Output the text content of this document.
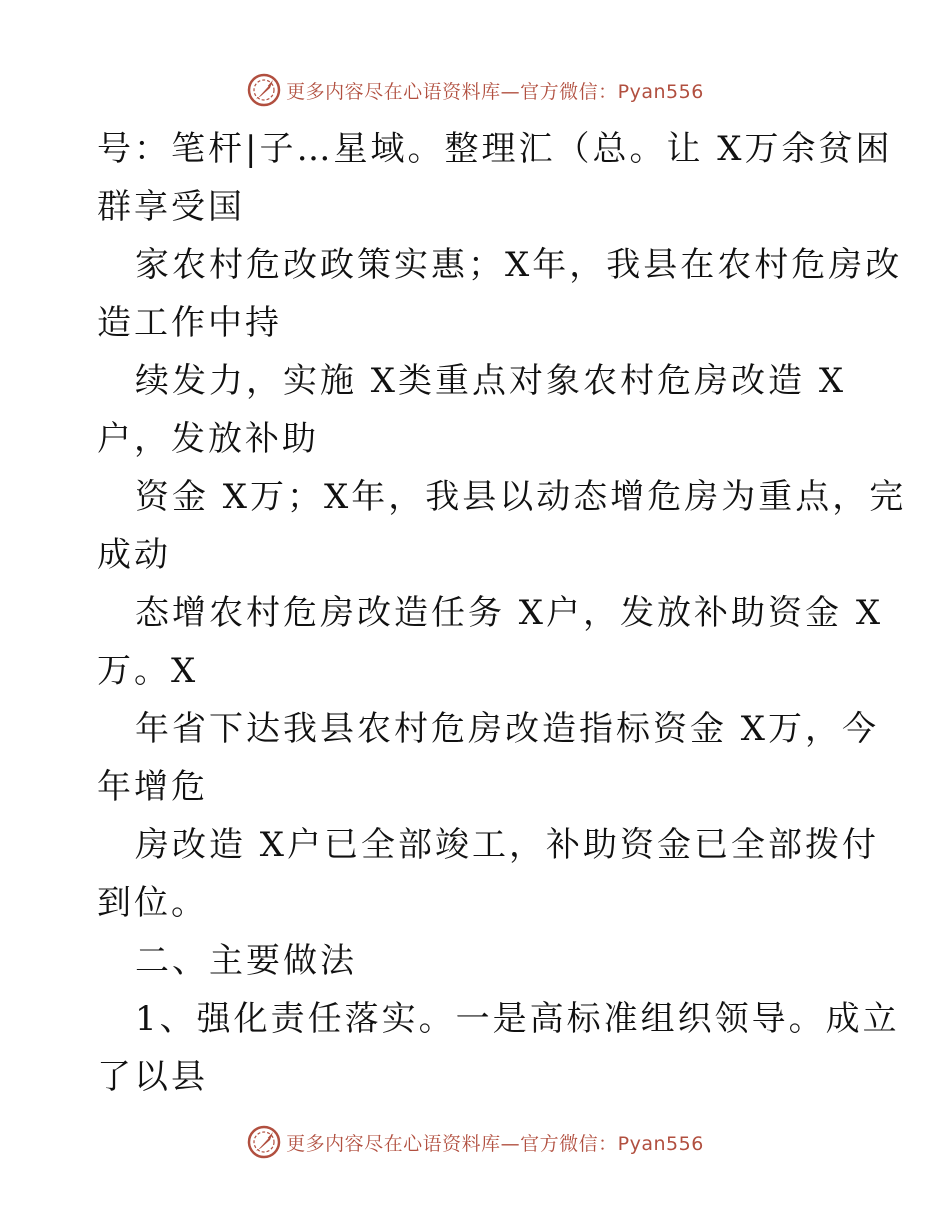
更多内容尽在心语资料库—官方微信：Pyan556
号：笔杆|子…星域。整理汇（总。让 X万余贫困
群享受国
家农村危改政策实惠；X年，我县在农村危房改
造工作中持
续发力，实施 X类重点对象农村危房改造 X
户，发放补助
资金 X万；X年，我县以动态增危房为重点，完
成动
态增农村危房改造任务 X户，发放补助资金 X
万。X
年省下达我县农村危房改造指标资金 X万，今
年增危
房改造 X户已全部竣工，补助资金已全部拨付
到位。
二、主要做法
1、强化责任落实。一是高标准组织领导。成立
了以县
更多内容尽在心语资料库—官方微信：Pyan556
